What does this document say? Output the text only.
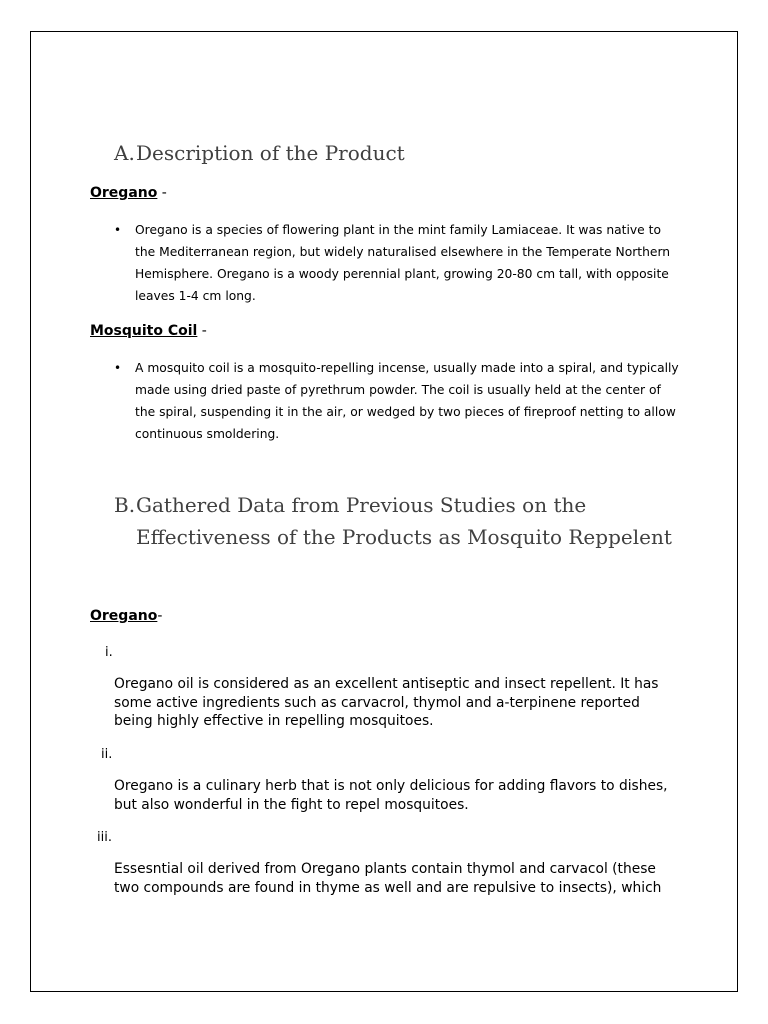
A.Description of the Product
Oregano -
•	Oregano is a species of flowering plant in the mint family Lamiaceae. It was native to the Mediterranean region, but widely naturalised elsewhere in the Temperate Northern Hemisphere. Oregano is a woody perennial plant, growing 20-80 cm tall, with opposite leaves 1-4 cm long.
Mosquito Coil -
•	A mosquito coil is a mosquito-repelling incense, usually made into a spiral, and typically made using dried paste of pyrethrum powder. The coil is usually held at the center of the spiral, suspending it in the air, or wedged by two pieces of fireproof netting to allow continuous smoldering.
B.Gathered Data from Previous Studies on the
Effectiveness of the Products as Mosquito Reppelent
Oregano-
i.
Oregano oil is considered as an excellent antiseptic and insect repellent. It has some active ingredients such as carvacrol, thymol and a-terpinene reported being highly effective in repelling mosquitoes.
ii.
Oregano is a culinary herb that is not only delicious for adding flavors to dishes, but also wonderful in the fight to repel mosquitoes.
iii.
Essesntial oil derived from Oregano plants contain thymol and carvacol (these two compounds are found in thyme as well and are repulsive to insects), which
